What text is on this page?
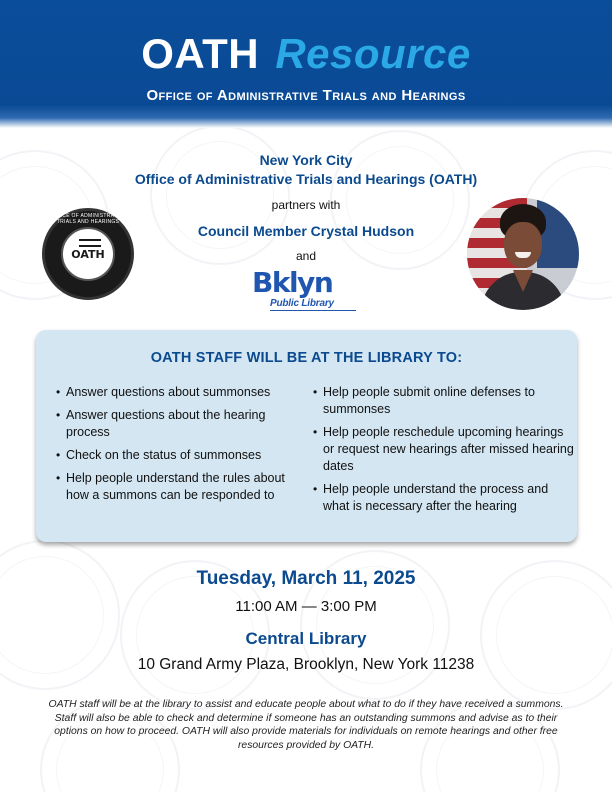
OATH Resource
Office of Administrative Trials and Hearings
New York City
Office of Administrative Trials and Hearings (OATH)
partners with
Council Member Crystal Hudson
and
OFFICE OF ADMINISTRATIVE TRIALS AND HEARINGS
OATH
Bklyn
Public Library
OATH STAFF WILL BE AT THE LIBRARY TO:
• Answer questions about summonses
• Answer questions about the hearing process
• Check on the status of summonses
• Help people understand the rules about how a summons can be responded to
• Help people submit online defenses to summonses
• Help people reschedule upcoming hearings or request new hearings after missed hearing dates
• Help people understand the process and what is necessary after the hearing
Tuesday, March 11, 2025
11:00 AM — 3:00 PM
Central Library
10 Grand Army Plaza, Brooklyn, New York 11238
OATH staff will be at the library to assist and educate people about what to do if they have received a summons. Staff will also be able to check and determine if someone has an outstanding summons and advise as to their options on how to proceed. OATH will also provide materials for individuals on remote hearings and other free resources provided by OATH.
